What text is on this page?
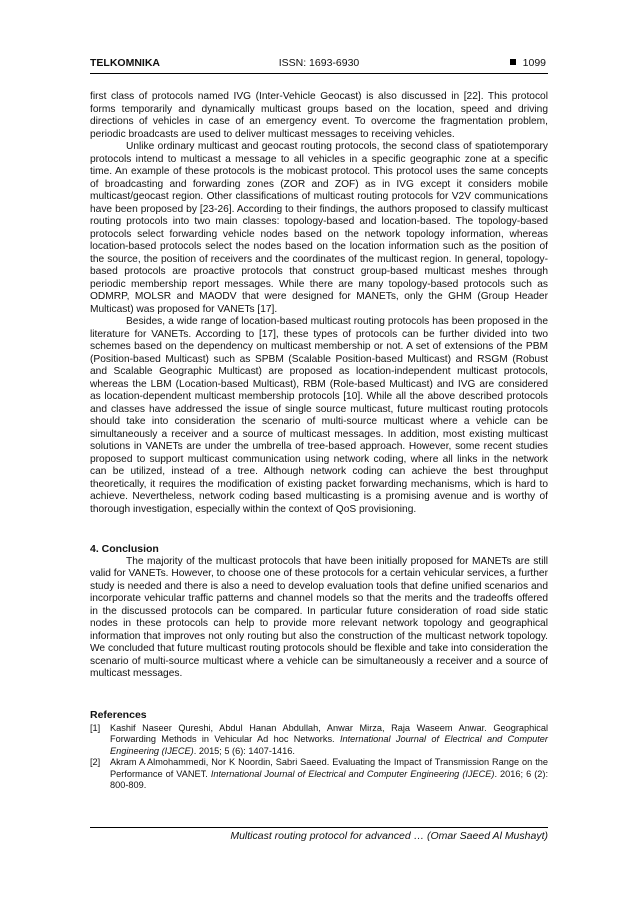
TELKOMNIKA	ISSN: 1693-6930	1099

first class of protocols named IVG (Inter-Vehicle Geocast) is also discussed in [22]. This protocol forms temporarily and dynamically multicast groups based on the location, speed and driving directions of vehicles in case of an emergency event. To overcome the fragmentation problem, periodic broadcasts are used to deliver multicast messages to receiving vehicles.

Unlike ordinary multicast and geocast routing protocols, the second class of spatiotemporary protocols intend to multicast a message to all vehicles in a specific geographic zone at a specific time. An example of these protocols is the mobicast protocol. This protocol uses the same concepts of broadcasting and forwarding zones (ZOR and ZOF) as in IVG except it considers mobile multicast/geocast region. Other classifications of multicast routing protocols for V2V communications have been proposed by [23-26]. According to their findings, the authors proposed to classify multicast routing protocols into two main classes: topology-based and location-based. The topology-based protocols select forwarding vehicle nodes based on the network topology information, whereas location-based protocols select the nodes based on the location information such as the position of the source, the position of receivers and the coordinates of the multicast region. In general, topology-based protocols are proactive protocols that construct group-based multicast meshes through periodic membership report messages. While there are many topology-based protocols such as ODMRP, MOLSR and MAODV that were designed for MANETs, only the GHM (Group Header Multicast) was proposed for VANETs [17].

Besides, a wide range of location-based multicast routing protocols has been proposed in the literature for VANETs. According to [17], these types of protocols can be further divided into two schemes based on the dependency on multicast membership or not. A set of extensions of the PBM (Position-based Multicast) such as SPBM (Scalable Position-based Multicast) and RSGM (Robust and Scalable Geographic Multicast) are proposed as location-independent multicast protocols, whereas the LBM (Location-based Multicast), RBM (Role-based Multicast) and IVG are considered as location-dependent multicast membership protocols [10]. While all the above described protocols and classes have addressed the issue of single source multicast, future multicast routing protocols should take into consideration the scenario of multi-source multicast where a vehicle can be simultaneously a receiver and a source of multicast messages. In addition, most existing multicast solutions in VANETs are under the umbrella of tree-based approach. However, some recent studies proposed to support multicast communication using network coding, where all links in the network can be utilized, instead of a tree. Although network coding can achieve the best throughput theoretically, it requires the modification of existing packet forwarding mechanisms, which is hard to achieve. Nevertheless, network coding based multicasting is a promising avenue and is worthy of thorough investigation, especially within the context of QoS provisioning.

4. Conclusion

The majority of the multicast protocols that have been initially proposed for MANETs are still valid for VANETs. However, to choose one of these protocols for a certain vehicular services, a further study is needed and there is also a need to develop evaluation tools that define unified scenarios and incorporate vehicular traffic patterns and channel models so that the merits and the tradeoffs offered in the discussed protocols can be compared. In particular future consideration of road side static nodes in these protocols can help to provide more relevant network topology and geographical information that improves not only routing but also the construction of the multicast network topology. We concluded that future multicast routing protocols should be flexible and take into consideration the scenario of multi-source multicast where a vehicle can be simultaneously a receiver and a source of multicast messages.

References
[1]	Kashif Naseer Qureshi, Abdul Hanan Abdullah, Anwar Mirza, Raja Waseem Anwar. Geographical Forwarding Methods in Vehicular Ad hoc Networks. International Journal of Electrical and Computer Engineering (IJECE). 2015; 5 (6): 1407-1416.
[2]	Akram A Almohammedi, Nor K Noordin, Sabri Saeed. Evaluating the Impact of Transmission Range on the Performance of VANET. International Journal of Electrical and Computer Engineering (IJECE). 2016; 6 (2): 800-809.
Multicast routing protocol for advanced … (Omar Saeed Al Mushayt)
